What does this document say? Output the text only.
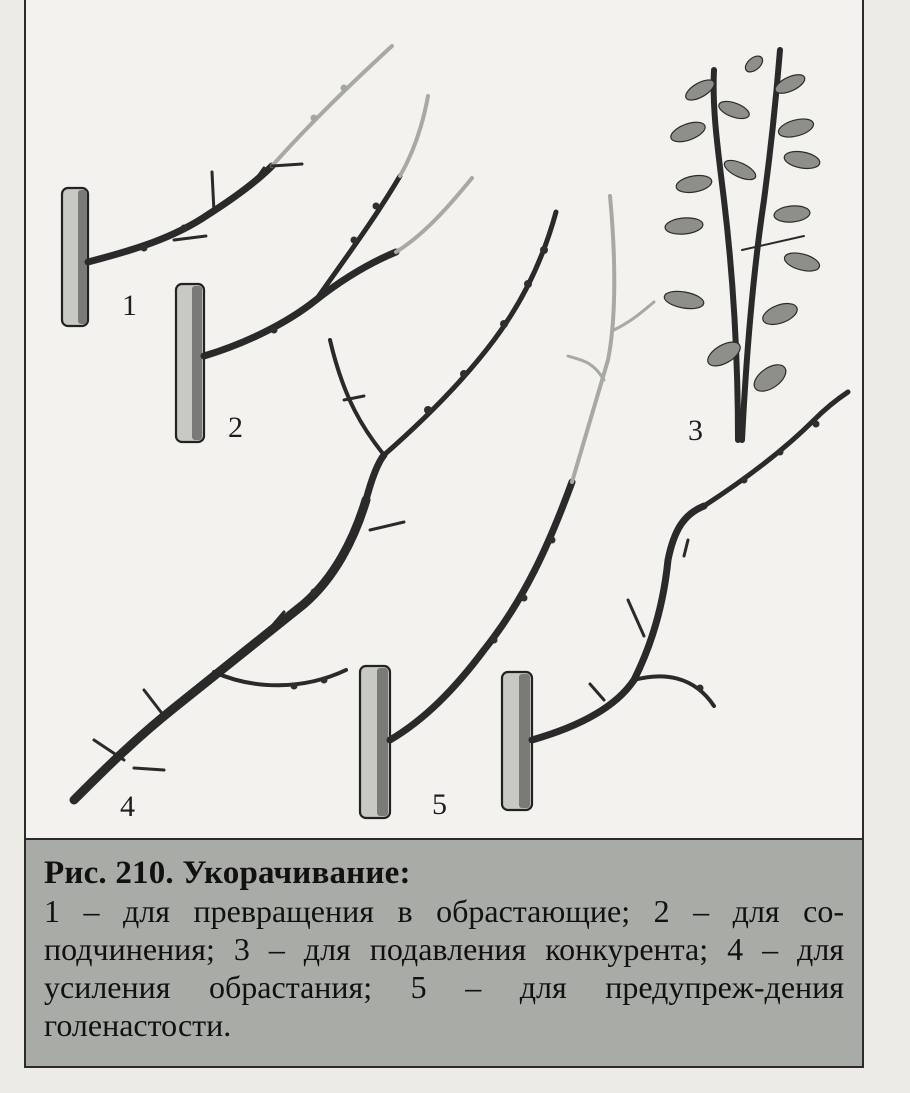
1
2	3
4	5
Рис. 210. Укорачивание:
1 – для превращения в обрастающие; 2 – для со-подчинения; 3 – для подавления конкурента; 4 – для усиления обрастания; 5 – для предупреж-дения голенастости.
